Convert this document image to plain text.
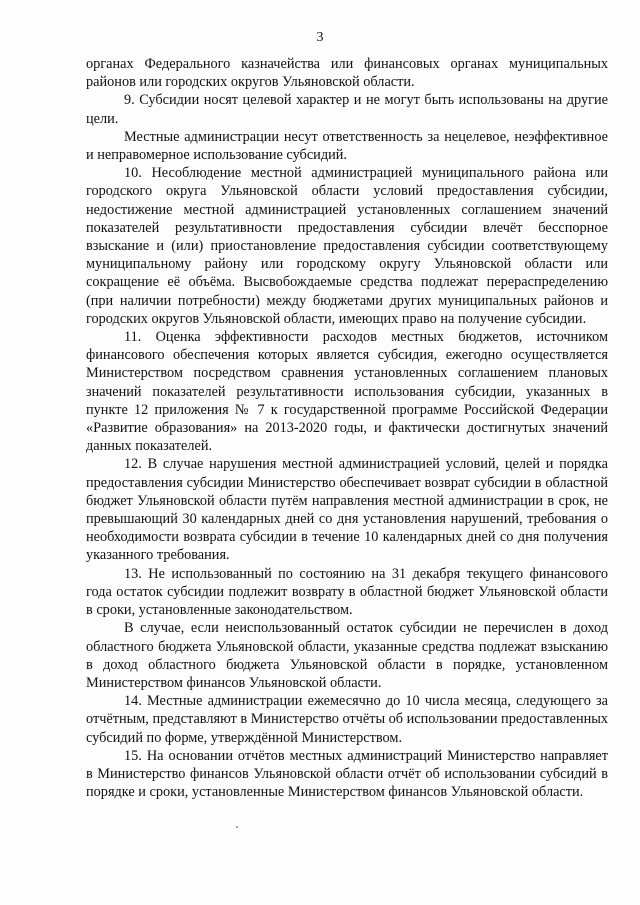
3

органах Федерального казначейства или финансовых органах муниципальных районов или городских округов Ульяновской области.

9. Субсидии носят целевой характер и не могут быть использованы на другие цели.

Местные администрации несут ответственность за нецелевое, неэффективное и неправомерное использование субсидий.

10. Несоблюдение местной администрацией муниципального района или городского округа Ульяновской области условий предоставления субсидии, недостижение местной администрацией установленных соглашением значений показателей результативности предоставления субсидии влечёт бесспорное взыскание и (или) приостановление предоставления субсидии соответствующему муниципальному району или городскому округу Ульяновской области или сокращение её объёма. Высвобождаемые средства подлежат перераспределению (при наличии потребности) между бюджетами других муниципальных районов и городских округов Ульяновской области, имеющих право на получение субсидии.

11. Оценка эффективности расходов местных бюджетов, источником финансового обеспечения которых является субсидия, ежегодно осуществляется Министерством посредством сравнения установленных соглашением плановых значений показателей результативности использования субсидии, указанных в пункте 12 приложения № 7 к государственной программе Российской Федерации «Развитие образования» на 2013-2020 годы, и фактически достигнутых значений данных показателей.

12. В случае нарушения местной администрацией условий, целей и порядка предоставления субсидии Министерство обеспечивает возврат субсидии в областной бюджет Ульяновской области путём направления местной администрации в срок, не превышающий 30 календарных дней со дня установления нарушений, требования о необходимости возврата субсидии в течение 10 календарных дней со дня получения указанного требования.

13. Не использованный по состоянию на 31 декабря текущего финансового года остаток субсидии подлежит возврату в областной бюджет Ульяновской области в сроки, установленные законодательством.

В случае, если неиспользованный остаток субсидии не перечислен в доход областного бюджета Ульяновской области, указанные средства подлежат взысканию в доход областного бюджета Ульяновской области в порядке, установленном Министерством финансов Ульяновской области.

14. Местные администрации ежемесячно до 10 числа месяца, следующего за отчётным, представляют в Министерство отчёты об использовании предоставленных субсидий по форме, утверждённой Министерством.

15. На основании отчётов местных администраций Министерство направляет в Министерство финансов Ульяновской области отчёт об использовании субсидий в порядке и сроки, установленные Министерством финансов Ульяновской области.
